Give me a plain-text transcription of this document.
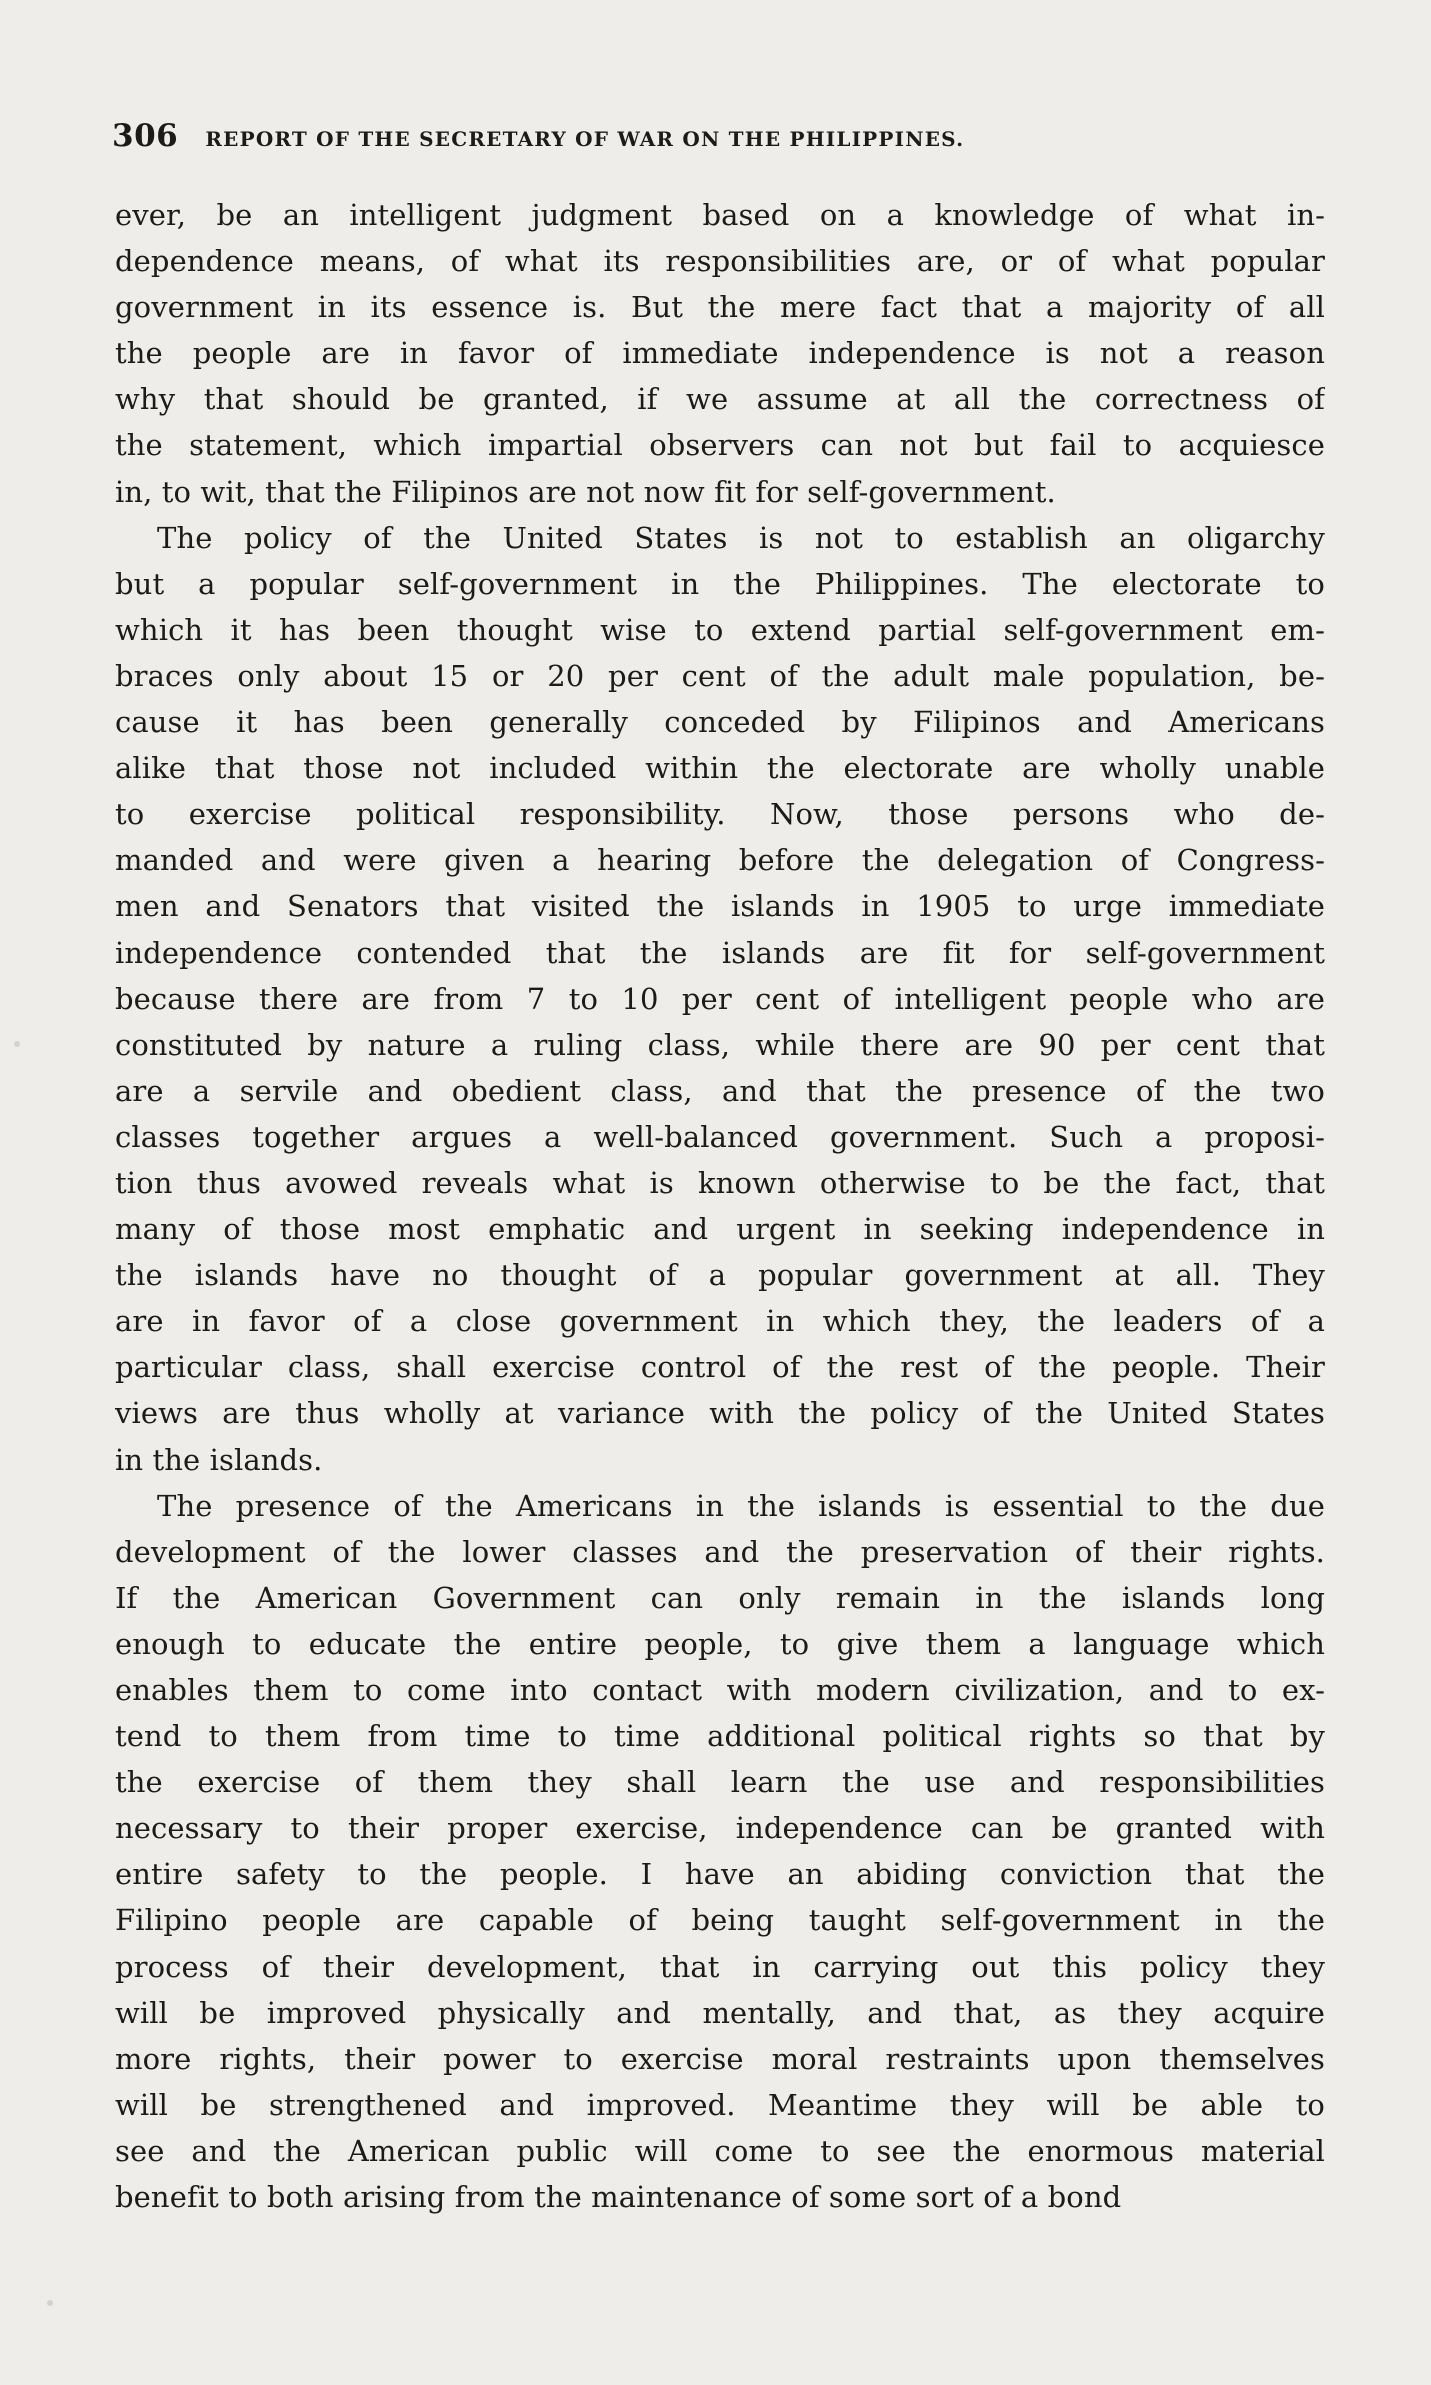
306 REPORT OF THE SECRETARY OF WAR ON THE PHILIPPINES.
ever, be an intelligent judgment based on a knowledge of what in-
dependence means, of what its responsibilities are, or of what popular
government in its essence is. But the mere fact that a majority of all
the people are in favor of immediate independence is not a reason
why that should be granted, if we assume at all the correctness of
the statement, which impartial observers can not but fail to acquiesce
in, to wit, that the Filipinos are not now fit for self-government.
The policy of the United States is not to establish an oligarchy
but a popular self-government in the Philippines. The electorate to
which it has been thought wise to extend partial self-government em-
braces only about 15 or 20 per cent of the adult male population, be-
cause it has been generally conceded by Filipinos and Americans
alike that those not included within the electorate are wholly unable
to exercise political responsibility. Now, those persons who de-
manded and were given a hearing before the delegation of Congress-
men and Senators that visited the islands in 1905 to urge immediate
independence contended that the islands are fit for self-government
because there are from 7 to 10 per cent of intelligent people who are
constituted by nature a ruling class, while there are 90 per cent that
are a servile and obedient class, and that the presence of the two
classes together argues a well-balanced government. Such a proposi-
tion thus avowed reveals what is known otherwise to be the fact, that
many of those most emphatic and urgent in seeking independence in
the islands have no thought of a popular government at all. They
are in favor of a close government in which they, the leaders of a
particular class, shall exercise control of the rest of the people. Their
views are thus wholly at variance with the policy of the United States
in the islands.
The presence of the Americans in the islands is essential to the due
development of the lower classes and the preservation of their rights.
If the American Government can only remain in the islands long
enough to educate the entire people, to give them a language which
enables them to come into contact with modern civilization, and to ex-
tend to them from time to time additional political rights so that by
the exercise of them they shall learn the use and responsibilities
necessary to their proper exercise, independence can be granted with
entire safety to the people. I have an abiding conviction that the
Filipino people are capable of being taught self-government in the
process of their development, that in carrying out this policy they
will be improved physically and mentally, and that, as they acquire
more rights, their power to exercise moral restraints upon themselves
will be strengthened and improved. Meantime they will be able to
see and the American public will come to see the enormous material
benefit to both arising from the maintenance of some sort of a bond
